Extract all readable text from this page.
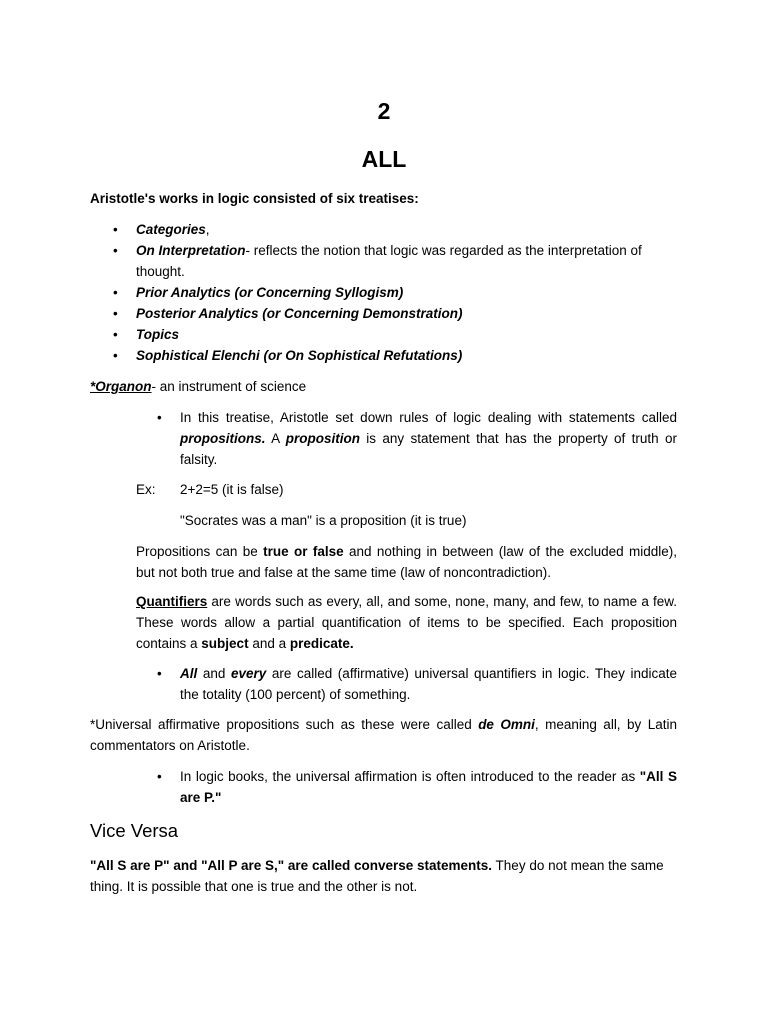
2
ALL
Aristotle's works in logic consisted of six treatises:
•	Categories,
•	On Interpretation- reflects the notion that logic was regarded as the interpretation of thought.
•	Prior Analytics (or Concerning Syllogism)
•	Posterior Analytics (or Concerning Demonstration)
•	Topics
•	Sophistical Elenchi (or On Sophistical Refutations)
*Organon- an instrument of science
•	In this treatise, Aristotle set down rules of logic dealing with statements called propositions. A proposition is any statement that has the property of truth or falsity.
Ex: 2+2=5 (it is false)
"Socrates was a man" is a proposition (it is true)
Propositions can be true or false and nothing in between (law of the excluded middle), but not both true and false at the same time (law of noncontradiction).
Quantifiers are words such as every, all, and some, none, many, and few, to name a few. These words allow a partial quantification of items to be specified. Each proposition contains a subject and a predicate.
•	All and every are called (affirmative) universal quantifiers in logic. They indicate the totality (100 percent) of something.
*Universal affirmative propositions such as these were called de Omni, meaning all, by Latin commentators on Aristotle.
•	In logic books, the universal affirmation is often introduced to the reader as "All S are P."
Vice Versa
"All S are P" and "All P are S," are called converse statements. They do not mean the same thing. It is possible that one is true and the other is not.
